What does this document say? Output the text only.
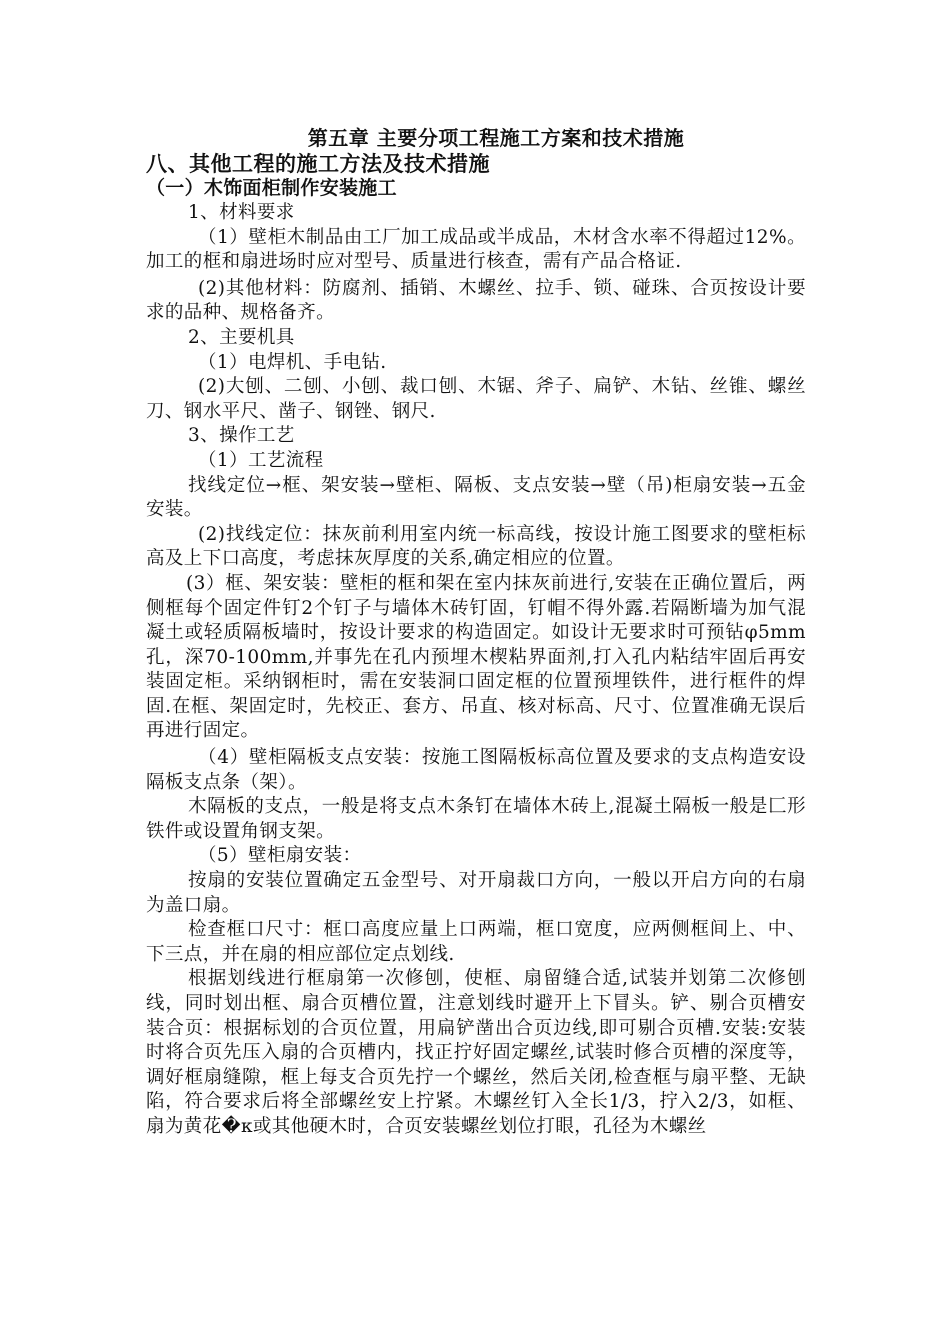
第五章 主要分项工程施工方案和技术措施
八、其他工程的施工方法及技术措施
（一）木饰面柜制作安装施工

1、材料要求

（1）壁柜木制品由工厂加工成品或半成品，木材含水率不得超过12%。加工的框和扇进场时应对型号、质量进行核查，需有产品合格证.

(2)其他材料：防腐剂、插销、木螺丝、拉手、锁、碰珠、合页按设计要求的品种、规格备齐。

2、主要机具

（1）电焊机、手电钻.

(2)大刨、二刨、小刨、裁口刨、木锯、斧子、扁铲、木钻、丝锥、螺丝刀、钢水平尺、凿子、钢锉、钢尺.

3、操作工艺

（1）工艺流程

找线定位→框、架安装→壁柜、隔板、支点安装→壁（吊)柜扇安装→五金安装。

(2)找线定位：抹灰前利用室内统一标高线，按设计施工图要求的壁柜标高及上下口高度，考虑抹灰厚度的关系,确定相应的位置。

(3）框、架安装：壁柜的框和架在室内抹灰前进行,安装在正确位置后，两侧框每个固定件钉2个钉子与墙体木砖钉固，钉帽不得外露.若隔断墙为加气混凝土或轻质隔板墙时，按设计要求的构造固定。如设计无要求时可预钻φ5mm孔，深70-100mm,并事先在孔内预埋木楔粘界面剂,打入孔内粘结牢固后再安装固定柜。采纳钢柜时，需在安装洞口固定框的位置预埋铁件，进行框件的焊固.在框、架固定时，先校正、套方、吊直、核对标高、尺寸、位置准确无误后再进行固定。

（4）壁柜隔板支点安装：按施工图隔板标高位置及要求的支点构造安设隔板支点条（架）。

木隔板的支点，一般是将支点木条钉在墙体木砖上,混凝土隔板一般是匚形铁件或设置角钢支架。

（5）壁柜扇安装：

按扇的安装位置确定五金型号、对开扇裁口方向，一般以开启方向的右扇为盖口扇。

检查框口尺寸：框口高度应量上口两端，框口宽度，应两侧框间上、中、下三点，并在扇的相应部位定点划线.

根据划线进行框扇第一次修刨，使框、扇留缝合适,试装并划第二次修刨线，同时划出框、扇合页槽位置，注意划线时避开上下冒头。铲、剔合页槽安装合页：根据标划的合页位置，用扁铲凿出合页边线,即可剔合页槽.安装:安装时将合页先压入扇的合页槽内，找正拧好固定螺丝,试装时修合页槽的深度等，调好框扇缝隙，框上每支合页先拧一个螺丝，然后关闭,检查框与扇平整、无缺陷，符合要求后将全部螺丝安上拧紧。木螺丝钉入全长1/3，拧入2/3，如框、扇为黄花�κ或其他硬木时，合页安装螺丝划位打眼，孔径为木螺丝
